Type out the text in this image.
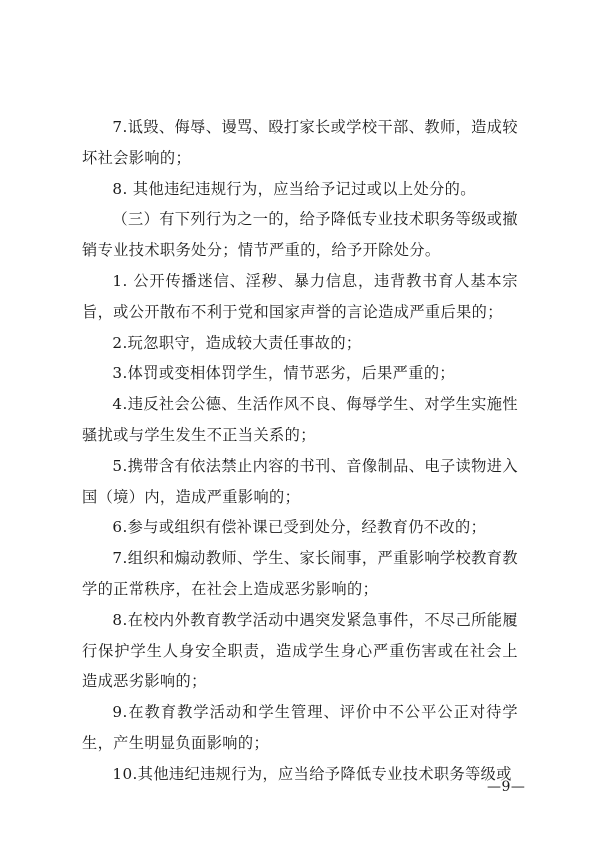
7.诋毁、侮辱、谩骂、殴打家长或学校干部、教师，造成较坏社会影响的；

8. 其他违纪违规行为，应当给予记过或以上处分的。

（三）有下列行为之一的，给予降低专业技术职务等级或撤销专业技术职务处分；情节严重的，给予开除处分。

1. 公开传播迷信、淫秽、暴力信息，违背教书育人基本宗旨，或公开散布不利于党和国家声誉的言论造成严重后果的；

2.玩忽职守，造成较大责任事故的；

3.体罚或变相体罚学生，情节恶劣，后果严重的；

4.违反社会公德、生活作风不良、侮辱学生、对学生实施性骚扰或与学生发生不正当关系的；

5.携带含有依法禁止内容的书刊、音像制品、电子读物进入国（境）内，造成严重影响的；

6.参与或组织有偿补课已受到处分，经教育仍不改的；

7.组织和煽动教师、学生、家长闹事，严重影响学校教育教学的正常秩序，在社会上造成恶劣影响的；

8.在校内外教育教学活动中遇突发紧急事件，不尽己所能履行保护学生人身安全职责，造成学生身心严重伤害或在社会上造成恶劣影响的；

9.在教育教学活动和学生管理、评价中不公平公正对待学生，产生明显负面影响的；

10.其他违纪违规行为，应当给予降低专业技术职务等级或

—9—
